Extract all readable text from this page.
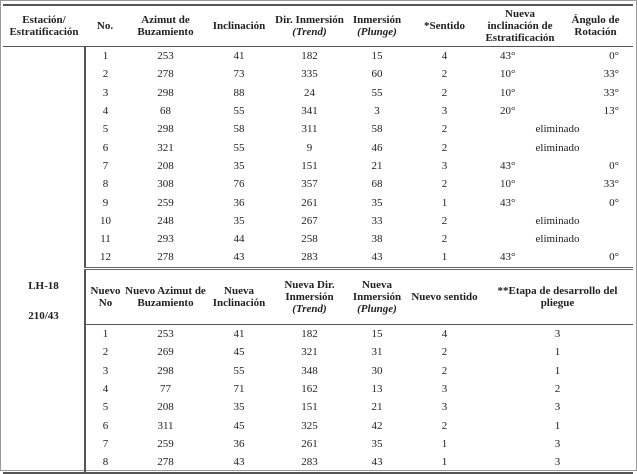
Estación/ Estratificación	No.	Azimut de Buzamiento	Inclinación	Dir. Inmersión
(Trend)	Inmersión
(Plunge)	*Sentido	Nueva inclinación de Estratificación	Ángulo de Rotación

LH-18
210/43	1	253	41	182	15	4	43°	0°
	2	278	73	335	60	2	10°	33°
	3	298	88	24	55	2	10°	33°
	4	68	55	341	3	3	20°	13°
	5	298	58	311	58	2	eliminado	
	6	321	55	9	46	2	eliminado	
	7	208	35	151	21	3	43°	0°
	8	308	76	357	68	2	10°	33°
	9	259	36	261	35	1	43°	0°
	10	248	35	267	33	2	eliminado	
	11	293	44	258	38	2	eliminado	
	12	278	43	283	43	1	43°	0°
	Nuevo No	Nuevo Azimut de Buzamiento	Nueva Inclinación	Nueva Dir. Inmersión
(Trend)	Nueva Inmersión
(Plunge)	Nuevo sentido	**Etapa de desarrollo del pliegue	
	1	253	41	182	15	4	3	
	2	269	45	321	31	2	1	
	3	298	55	348	30	2	1	
	4	77	71	162	13	3	2	
	5	208	35	151	21	3	3	
	6	311	45	325	42	2	1	
	7	259	36	261	35	1	3	
	8	278	43	283	43	1	3	
